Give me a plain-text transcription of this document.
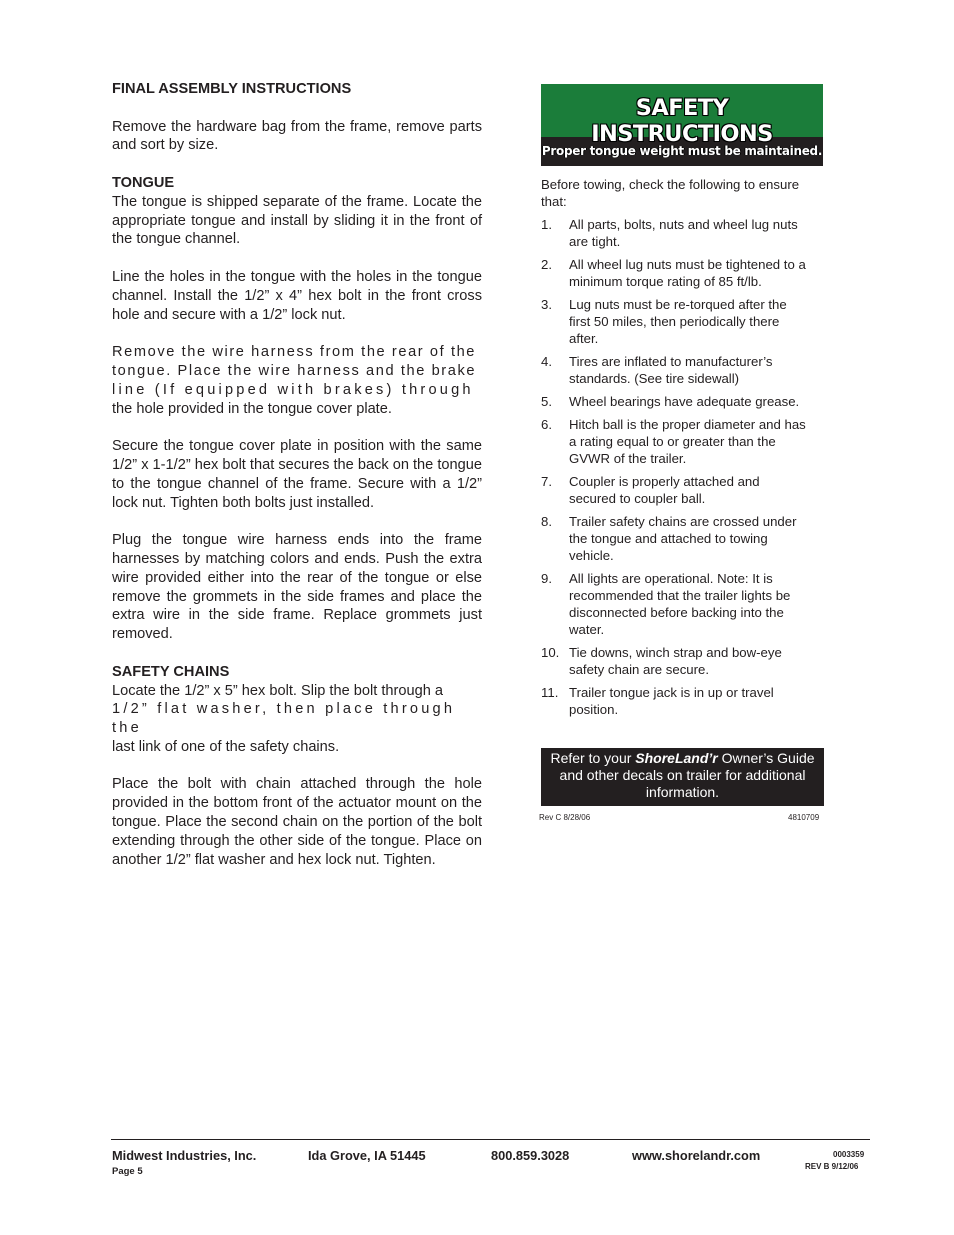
FINAL ASSEMBLY INSTRUCTIONS

Remove the hardware bag from the frame, remove parts and sort by size.

TONGUE

The tongue is shipped separate of the frame. Locate the appropriate tongue and install by sliding it in the front of the tongue channel.

Line the holes in the tongue with the holes in the tongue channel. Install the 1/2” x 4” hex bolt in the front cross hole and secure with a 1/2” lock nut.

Remove the wire harness from the rear of the tongue. Place the wire harness and the brake
line (If equipped with brakes) through
the hole provided in the tongue cover plate.

Secure the tongue cover plate in position with the same 1/2” x 1-1/2” hex bolt that secures the back on the tongue to the tongue channel of the frame. Secure with a 1/2” lock nut. Tighten both bolts just installed.

Plug the tongue wire harness ends into the frame harnesses by matching colors and ends. Push the extra wire provided either into the rear of the tongue or else remove the grommets in the side frames and place the extra wire in the side frame. Replace grommets just removed.

SAFETY CHAINS

Locate the 1/2” x 5” hex bolt. Slip the bolt through a
1/2” flat washer, then place through the
last link of one of the safety chains.

Place the bolt with chain attached through the hole provided in the bottom front of the actuator mount on the tongue. Place the second chain on the portion of the bolt extending through the other side of the tongue. Place on another 1/2” flat washer and hex lock nut. Tighten.

SAFETY INSTRUCTIONS
Proper tongue weight must be maintained.
Before towing, check the following to ensure that:
1. All parts, bolts, nuts and wheel lug nuts are tight.
2. All wheel lug nuts must be tightened to a minimum torque rating of 85 ft/lb.
3. Lug nuts must be re-torqued after the first 50 miles, then periodically there after.
4. Tires are inflated to manufacturer’s standards. (See tire sidewall)
5. Wheel bearings have adequate grease.
6. Hitch ball is the proper diameter and has a rating equal to or greater than the GVWR of the trailer.
7. Coupler is properly attached and secured to coupler ball.
8. Trailer safety chains are crossed under the tongue and attached to towing vehicle.
9. All lights are operational. Note: It is recommended that the trailer lights be disconnected before backing into the water.
10. Tie downs, winch strap and bow-eye safety chain are secure.
11. Trailer tongue jack is in up or travel position.
Refer to your ShoreLand’r Owner’s Guide and other decals on trailer for additional information.
Rev C 8/28/06	4810709
Midwest Industries, Inc.	Ida Grove, IA 51445	800.859.3028	www.shorelandr.com
Page 5
0003359
REV B 9/12/06
